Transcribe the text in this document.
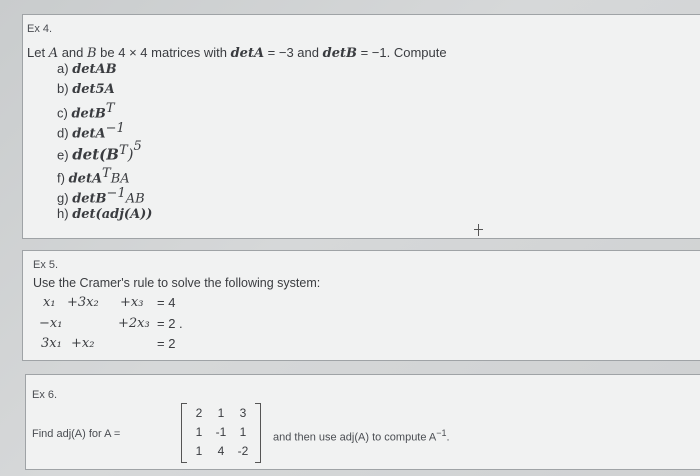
Ex 4.
Let A and B be 4 × 4 matrices with detA = −3 and detB = −1. Compute
a) detAB
b) det5A
c) detB$^T$
d) detA$^{-1}$
e) $\det(B^T)^5$
f) detA$^T$BA
g) detB$^{-1}$AB
h) det(adj(A))
Ex 5.
Use the Cramer's rule to solve the following system:
x₁ +3x₂ +x₃ = 4
−x₁	+2x₃ = 2 .
3x₁ +x₂	= 2
Ex 6.
Find adj(A) for A =
2	1	3
1	-1	1
1	4	-2
and then use adj(A) to compute $A^{-1}$.
